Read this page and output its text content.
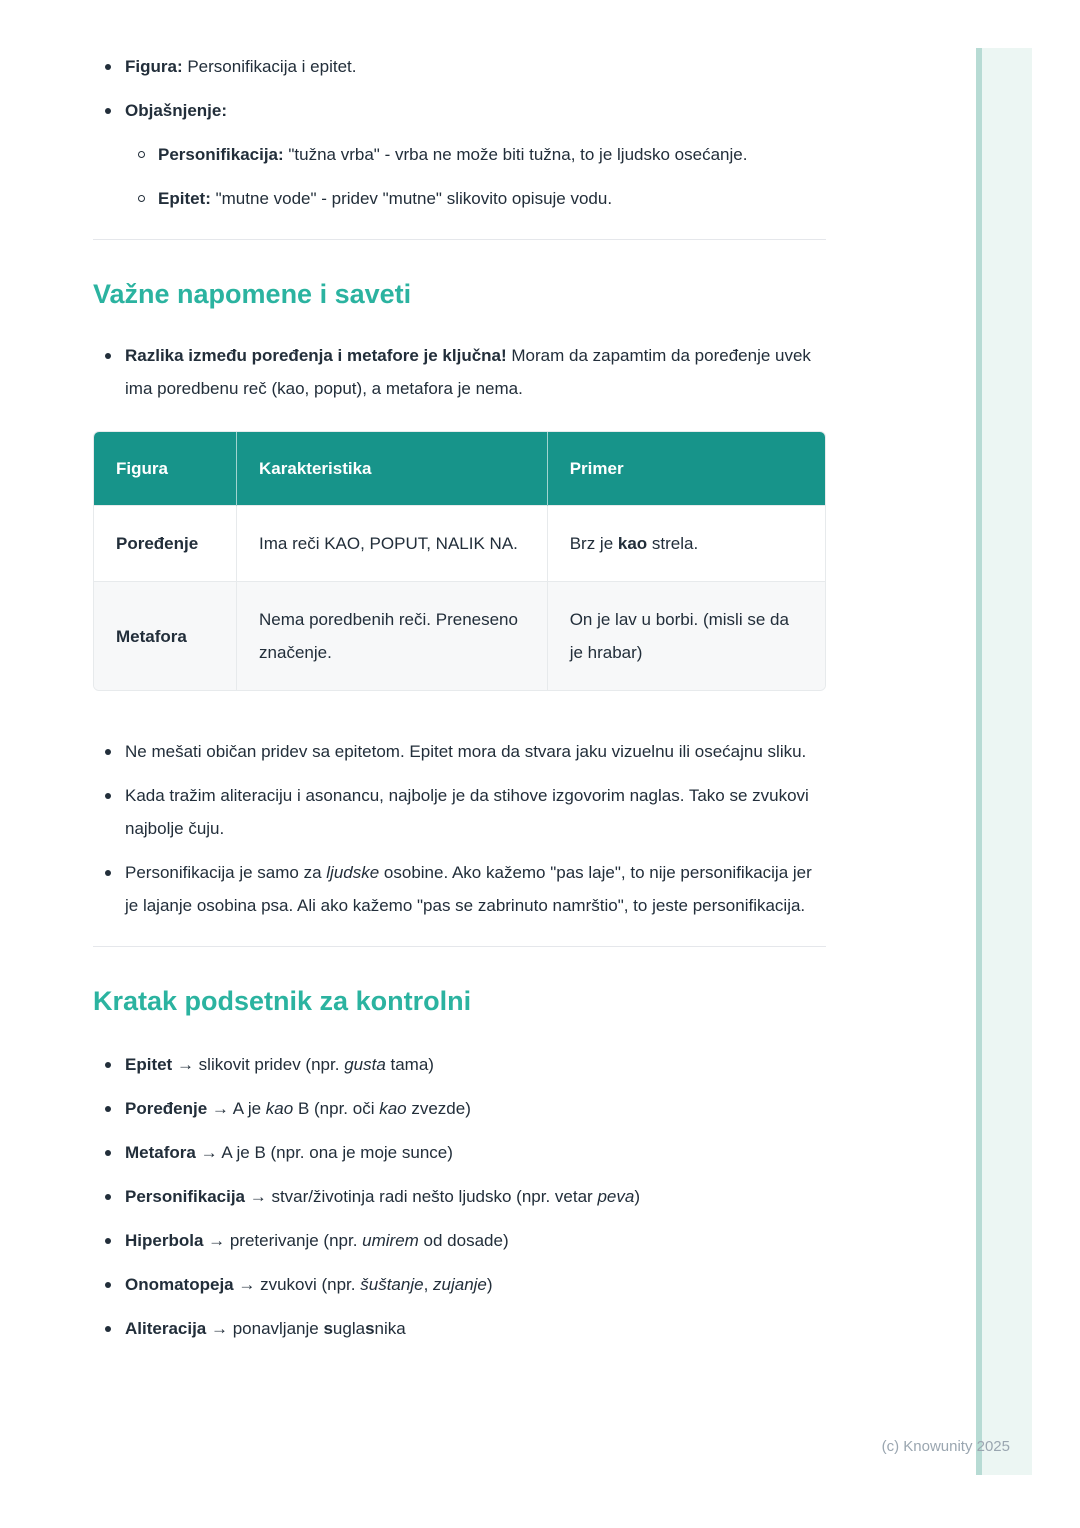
Figura: Personifikacija i epitet.
Objašnjenje:
Personifikacija: "tužna vrba" - vrba ne može biti tužna, to je ljudsko osećanje.
Epitet: "mutne vode" - pridev "mutne" slikovito opisuje vodu.
Važne napomene i saveti
Razlika između poređenja i metafore je ključna! Moram da zapamtim da poređenje uvek ima poredbenu reč (kao, poput), a metafora je nema.
Figura	Karakteristika	Primer
Poređenje	Ima reči KAO, POPUT, NALIK NA.	Brz je kao strela.
Metafora	Nema poredbenih reči. Preneseno značenje.	On je lav u borbi. (misli se da je hrabar)
Ne mešati običan pridev sa epitetom. Epitet mora da stvara jaku vizuelnu ili osećajnu sliku.
Kada tražim aliteraciju i asonancu, najbolje je da stihove izgovorim naglas. Tako se zvukovi najbolje čuju.
Personifikacija je samo za ljudske osobine. Ako kažemo "pas laje", to nije personifikacija jer je lajanje osobina psa. Ali ako kažemo "pas se zabrinuto namrštio", to jeste personifikacija.
Kratak podsetnik za kontrolni
Epitet → slikovit pridev (npr. gusta tama)
Poređenje → A je kao B (npr. oči kao zvezde)
Metafora → A je B (npr. ona je moje sunce)
Personifikacija → stvar/životinja radi nešto ljudsko (npr. vetar peva)
Hiperbola → preterivanje (npr. umirem od dosade)
Onomatopeja → zvukovi (npr. šuštanje, zujanje)
Aliteracija → ponavljanje suglasnika
(c) Knowunity 2025
